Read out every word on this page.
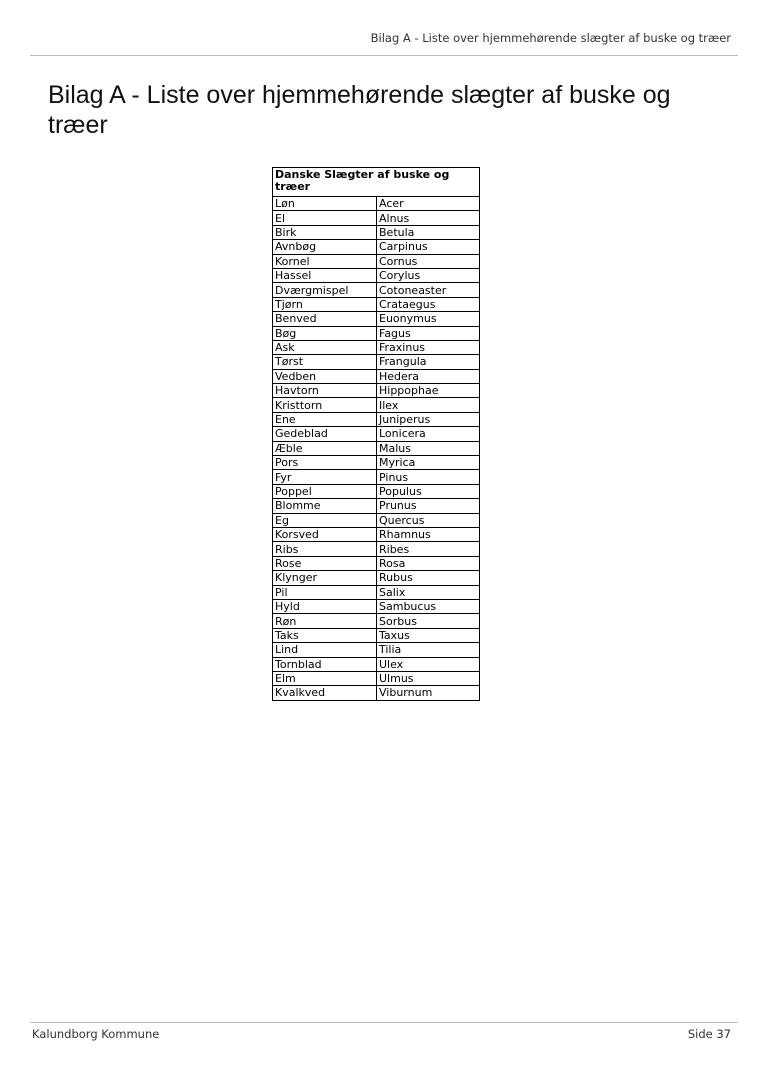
Bilag A - Liste over hjemmehørende slægter af buske og træer
Bilag A - Liste over hjemmehørende slægter af buske og træer
Danske Slægter af buske og træer	
Løn	Acer
El	Alnus
Birk	Betula
Avnbøg	Carpinus
Kornel	Cornus
Hassel	Corylus
Dværgmispel	Cotoneaster
Tjørn	Crataegus
Benved	Euonymus
Bøg	Fagus
Ask	Fraxinus
Tørst	Frangula
Vedben	Hedera
Havtorn	Hippophae
Kristtorn	Ilex
Ene	Juniperus
Gedeblad	Lonicera
Æble	Malus
Pors	Myrica
Fyr	Pinus
Poppel	Populus
Blomme	Prunus
Eg	Quercus
Korsved	Rhamnus
Ribs	Ribes
Rose	Rosa
Klynger	Rubus
Pil	Salix
Hyld	Sambucus
Røn	Sorbus
Taks	Taxus
Lind	Tilia
Tornblad	Ulex
Elm	Ulmus
Kvalkved	Viburnum
Kalundborg Kommune	Side 37
